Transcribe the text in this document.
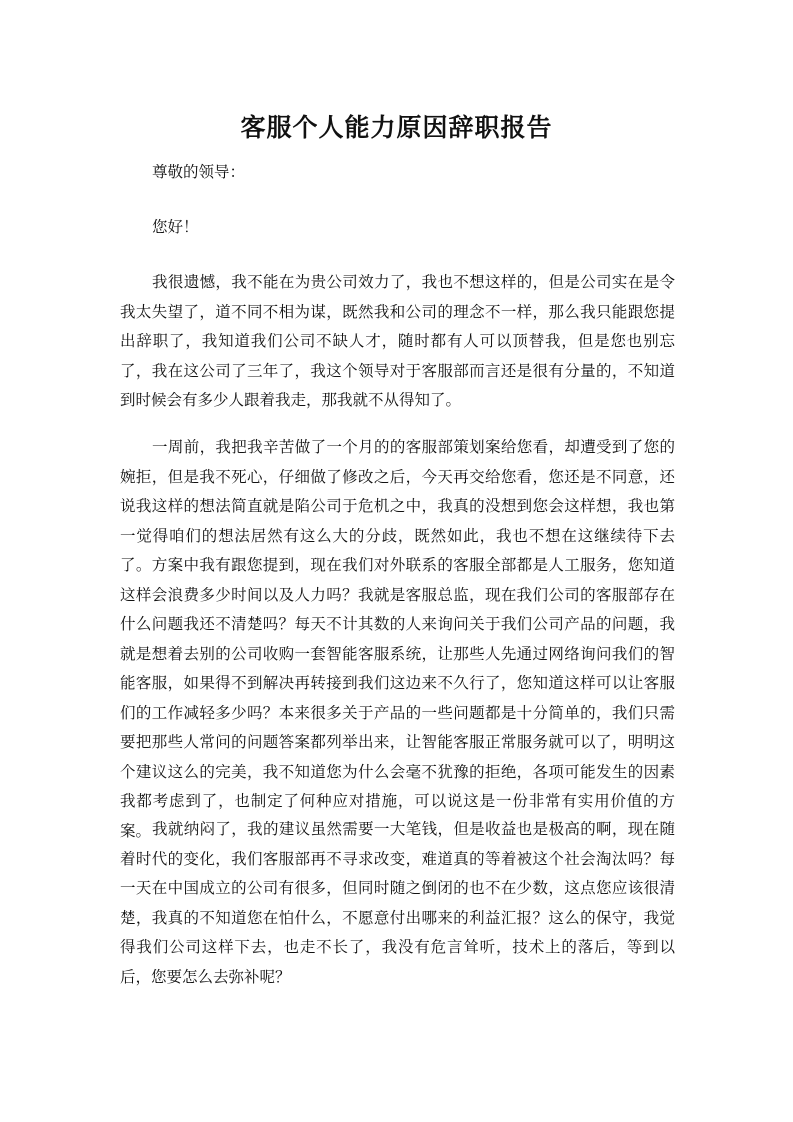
客服个人能力原因辞职报告

尊敬的领导：

您好！

我很遗憾，我不能在为贵公司效力了，我也不想这样的，但是公司实在是令我太失望了，道不同不相为谋，既然我和公司的理念不一样，那么我只能跟您提出辞职了，我知道我们公司不缺人才，随时都有人可以顶替我，但是您也别忘了，我在这公司了三年了，我这个领导对于客服部而言还是很有分量的，不知道到时候会有多少人跟着我走，那我就不从得知了。

一周前，我把我辛苦做了一个月的的客服部策划案给您看，却遭受到了您的婉拒，但是我不死心，仔细做了修改之后，今天再交给您看，您还是不同意，还说我这样的想法简直就是陷公司于危机之中，我真的没想到您会这样想，我也第一觉得咱们的想法居然有这么大的分歧，既然如此，我也不想在这继续待下去了。方案中我有跟您提到，现在我们对外联系的客服全部都是人工服务，您知道这样会浪费多少时间以及人力吗？我就是客服总监，现在我们公司的客服部存在什么问题我还不清楚吗？每天不计其数的人来询问关于我们公司产品的问题，我就是想着去别的公司收购一套智能客服系统，让那些人先通过网络询问我们的智能客服，如果得不到解决再转接到我们这边来不久行了，您知道这样可以让客服们的工作减轻多少吗？本来很多关于产品的一些问题都是十分简单的，我们只需要把那些人常问的问题答案都列举出来，让智能客服正常服务就可以了，明明这个建议这么的完美，我不知道您为什么会毫不犹豫的拒绝，各项可能发生的因素我都考虑到了，也制定了何种应对措施，可以说这是一份非常有实用价值的方案。 我就纳闷了，我的建议虽然需要一大笔钱，但是收益也是极高的啊，现在随着时代的变化，我们客服部再不寻求改变，难道真的等着被这个社会淘汰吗？每一天在中国成立的公司有很多，但同时随之倒闭的也不在少数，这点您应该很清楚，我真的不知道您在怕什么，不愿意付出哪来的利益汇报？这么的保守，我觉得我们公司这样下去，也走不长了，我没有危言耸听，技术上的落后，等到以后，您要怎么去弥补呢？
